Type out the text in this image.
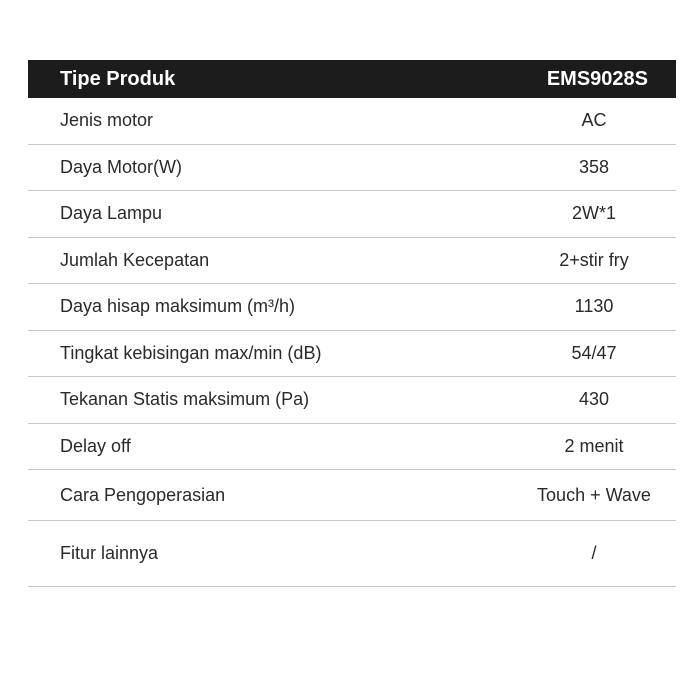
Tipe Produk	EMS9028S
Jenis motor	AC
Daya Motor(W)	358
Daya Lampu	2W*1
Jumlah Kecepatan	2+stir fry
Daya hisap maksimum (m³/h)	1130
Tingkat kebisingan max/min (dB)	54/47
Tekanan Statis maksimum (Pa)	430
Delay off	2 menit
Cara Pengoperasian	Touch + Wave
Fitur lainnya	/
